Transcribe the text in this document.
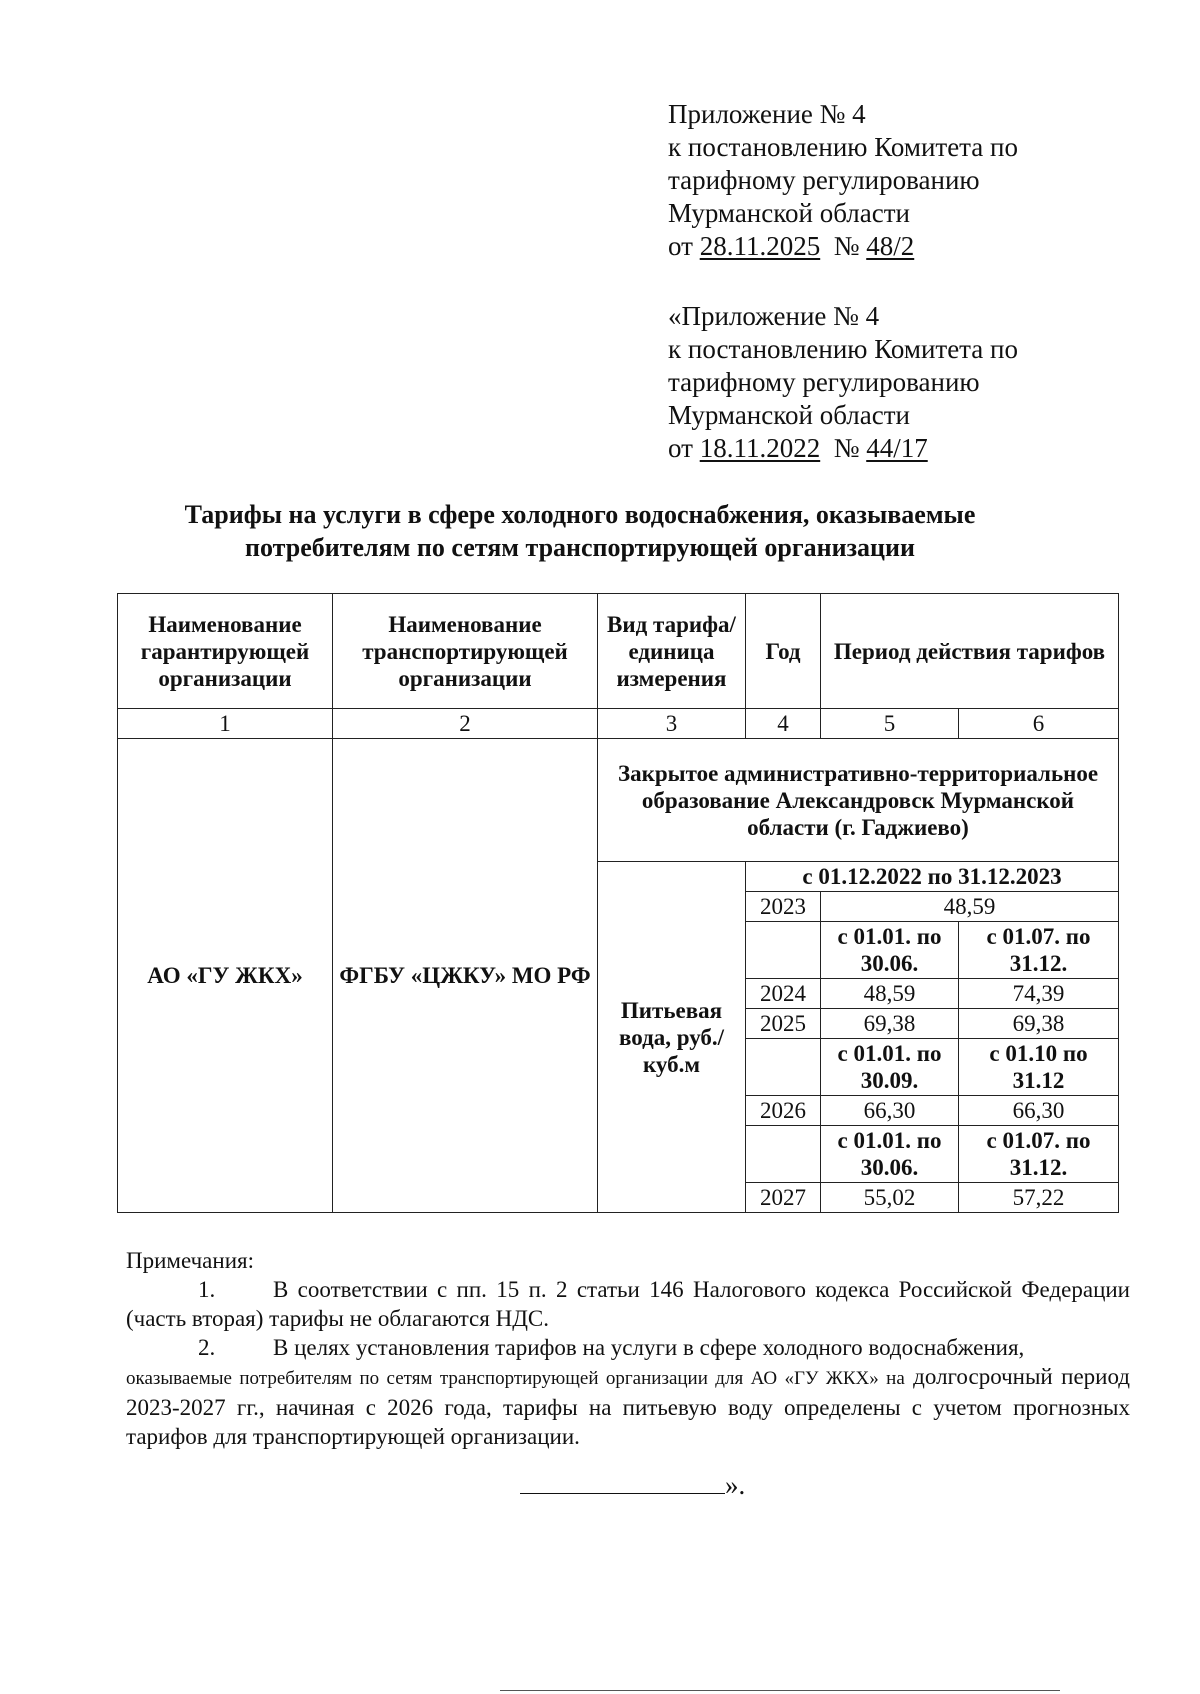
Приложение № 4
к постановлению Комитета по
тарифному регулированию
Мурманской области
от 28.11.2025 № 48/2
«Приложение № 4
к постановлению Комитета по
тарифному регулированию
Мурманской области
от 18.11.2022 № 44/17
Тарифы на услуги в сфере холодного водоснабжения, оказываемые
потребителям по сетям транспортирующей организации
Наименование гарантирующей организации	Наименование транспортирующей организации	Вид тарифа/ единица измерения	Год	Период действия тарифов	
1	2	3	4	5	6
АО «ГУ ЖКХ»	ФГБУ «ЦЖКУ» МО РФ	Закрытое административно-территориальное образование Александровск Мурманской области (г. Гаджиево)			
		Питьевая вода, руб./куб.м	с 01.12.2022 по 31.12.2023		
			2023	48,59	
				с 01.01. по 30.06.	с 01.07. по 31.12.
			2024	48,59	74,39
			2025	69,38	69,38
				с 01.01. по 30.09.	с 01.10 по 31.12
			2026	66,30	66,30
				с 01.01. по 30.06.	с 01.07. по 31.12.
			2027	55,02	57,22

Примечания:

1.	В соответствии с пп. 15 п. 2 статьи 146 Налогового кодекса Российской Федерации (часть вторая) тарифы не облагаются НДС.

2.	В целях установления тарифов на услуги в сфере холодного водоснабжения,

оказываемые потребителям по сетям транспортирующей организации для АО «ГУ ЖКХ» на долгосрочный период 2023-2027 гг., начиная с 2026 года, тарифы на питьевую воду определены с учетом прогнозных тарифов для транспортирующей организации.

».
